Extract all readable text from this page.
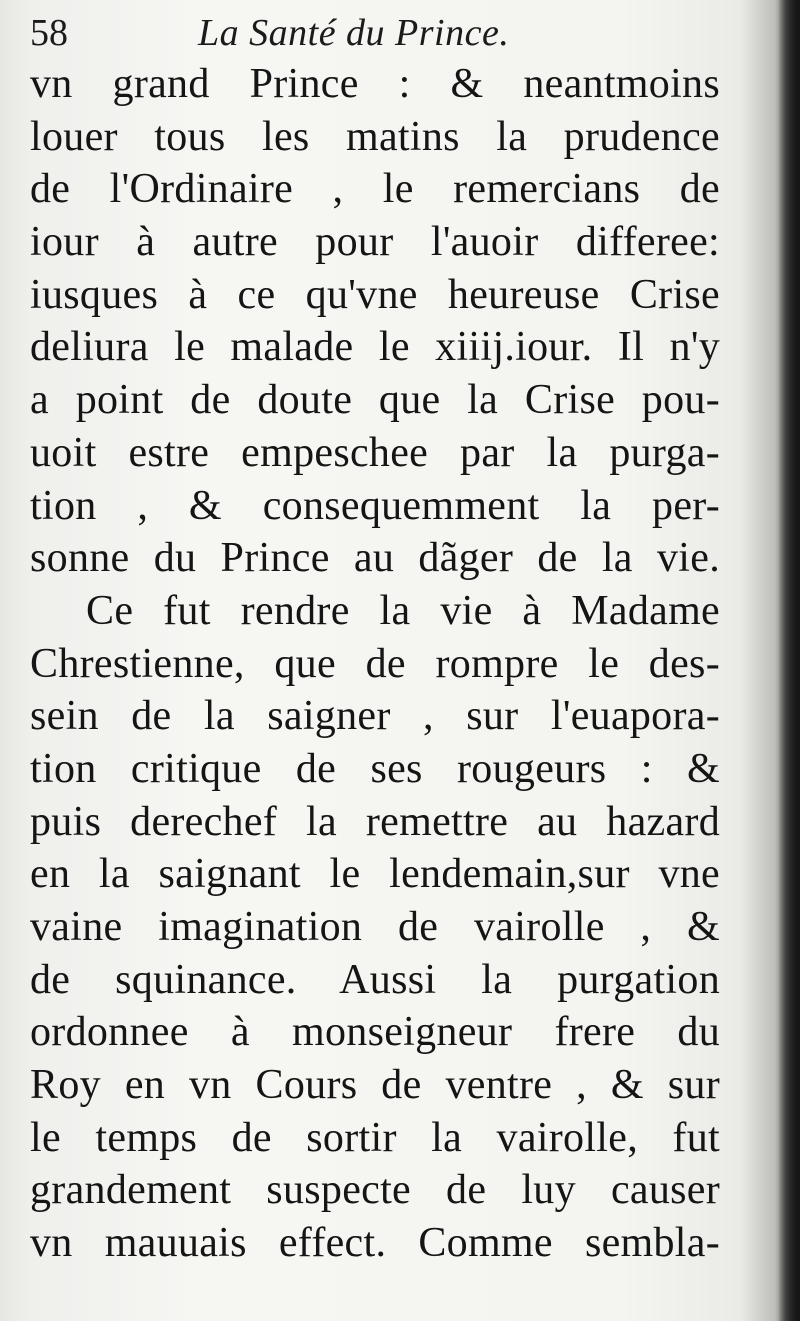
58	La Santé du Prince.
vn grand Prince : & neantmoins
louer tous les matins la prudence
de l'Ordinaire , le remercians de
iour à autre pour l'auoir differee:
iusques à ce qu'vne heureuse Crise
deliura le malade le xiiij.iour. Il n'y
a point de doute que la Crise pou-
uoit estre empeschee par la purga-
tion , & consequemment la per-
sonne du Prince au dãger de la vie.
Ce fut rendre la vie à Madame
Chrestienne, que de rompre le des-
sein de la saigner , sur l'euapora-
tion critique de ses rougeurs : &
puis derechef la remettre au hazard
en la saignant le lendemain,sur vne
vaine imagination de vairolle , &
de squinance. Aussi la purgation
ordonnee à monseigneur frere du
Roy en vn Cours de ventre , & sur
le temps de sortir la vairolle, fut
grandement suspecte de luy causer
vn mauuais effect. Comme sembla-
